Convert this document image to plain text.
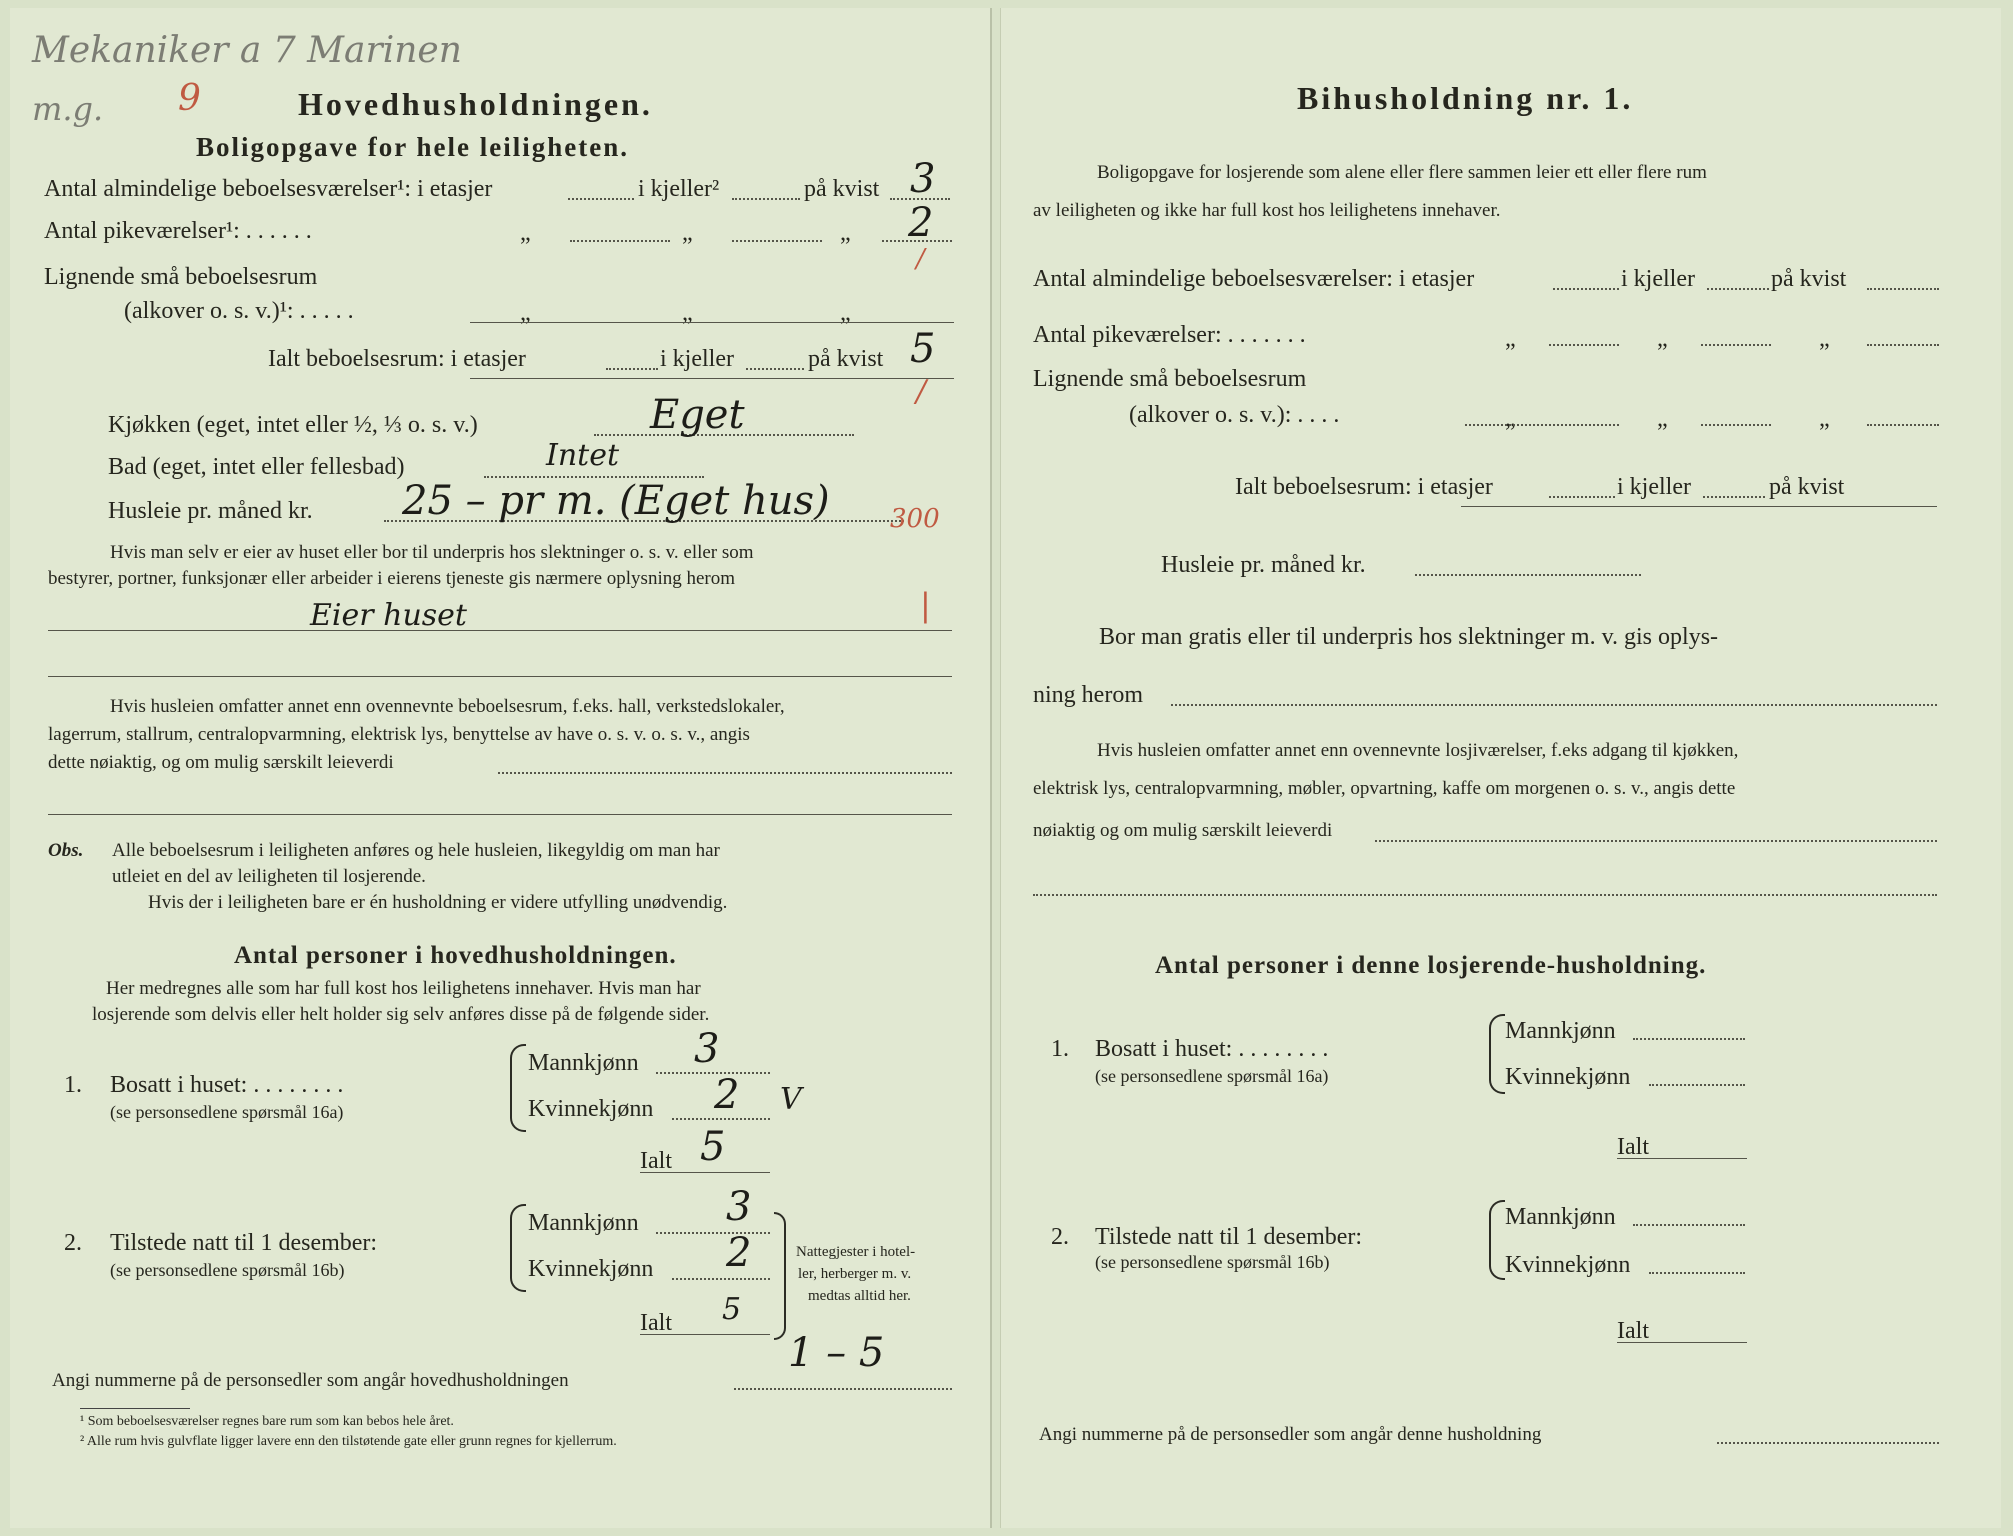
Mekaniker a 7 Marinen
m.g. 9	Hovedhusholdningen.
Boligopgave for hele leiligheten.
Antal almindelige beboelsesværelser¹: i etasjer	i kjeller²	på kvist 3
Antal pikeværelser¹: . . . . . .	„	„	„ 2
/
Lignende små beboelsesrum
(alkover o. s. v.)¹: . . . . .	„	„	„
Ialt beboelsesrum: i etasjer	i kjeller	på kvist 5
/
Kjøkken (eget, intet eller ½, ⅓ o. s. v.)	Eget
Bad (eget, intet eller fellesbad)	Intet
Husleie pr. måned kr. 25 – pr m. (Eget hus) 300
Hvis man selv er eier av huset eller bor til underpris hos slektninger o. s. v. eller som
bestyrer, portner, funksjonær eller arbeider i eierens tjeneste gis nærmere oplysning herom
Eier huset	|
Hvis husleien omfatter annet enn ovennevnte beboelsesrum, f.eks. hall, verkstedslokaler,
lagerrum, stallrum, centralopvarmning, elektrisk lys, benyttelse av have o. s. v. o. s. v., angis
dette nøiaktig, og om mulig særskilt leieverdi
Obs. Alle beboelsesrum i leiligheten anføres og hele husleien, likegyldig om man har
utleiet en del av leiligheten til losjerende.
Hvis der i leiligheten bare er én husholdning er videre utfylling unødvendig.
Antal personer i hovedhusholdningen.
Her medregnes alle som har full kost hos leilighetens innehaver. Hvis man har
losjerende som delvis eller helt holder sig selv anføres disse på de følgende sider.
1. Bosatt i huset: . . . . . . . .
(se personsedlene spørsmål 16a)
Mannkjønn 3
Kvinnekjønn 2 V
Ialt 5
2. Tilstede natt til 1 desember:
(se personsedlene spørsmål 16b)
Mannkjønn 3
Kvinnekjønn 2
Ialt 5
Nattegjester i hotel-
ler, herberger m. v.
medtas alltid her.
Angi nummerne på de personsedler som angår hovedhusholdningen
1 – 5
¹ Som beboelsesværelser regnes bare rum som kan bebos hele året.
² Alle rum hvis gulvflate ligger lavere enn den tilstøtende gate eller grunn regnes for kjellerrum.
Bihusholdning nr. 1.
Boligopgave for losjerende som alene eller flere sammen leier ett eller flere rum
av leiligheten og ikke har full kost hos leilighetens innehaver.
Antal almindelige beboelsesværelser: i etasjer	i kjeller	på kvist
Antal pikeværelser: . . . . . . .	„	„	„
Lignende små beboelsesrum
(alkover o. s. v.): . . . .	„	„	„
Ialt beboelsesrum: i etasjer	i kjeller	på kvist
Husleie pr. måned kr.
Bor man gratis eller til underpris hos slektninger m. v. gis oplys-
ning herom
Hvis husleien omfatter annet enn ovennevnte losjiværelser, f.eks adgang til kjøkken,
elektrisk lys, centralopvarmning, møbler, opvartning, kaffe om morgenen o. s. v., angis dette
nøiaktig og om mulig særskilt leieverdi
Antal personer i denne losjerende-husholdning.
1. Bosatt i huset: . . . . . . . .
(se personsedlene spørsmål 16a)
Mannkjønn
Kvinnekjønn
Ialt
2. Tilstede natt til 1 desember:
(se personsedlene spørsmål 16b)
Mannkjønn
Kvinnekjønn
Ialt
Angi nummerne på de personsedler som angår denne husholdning
